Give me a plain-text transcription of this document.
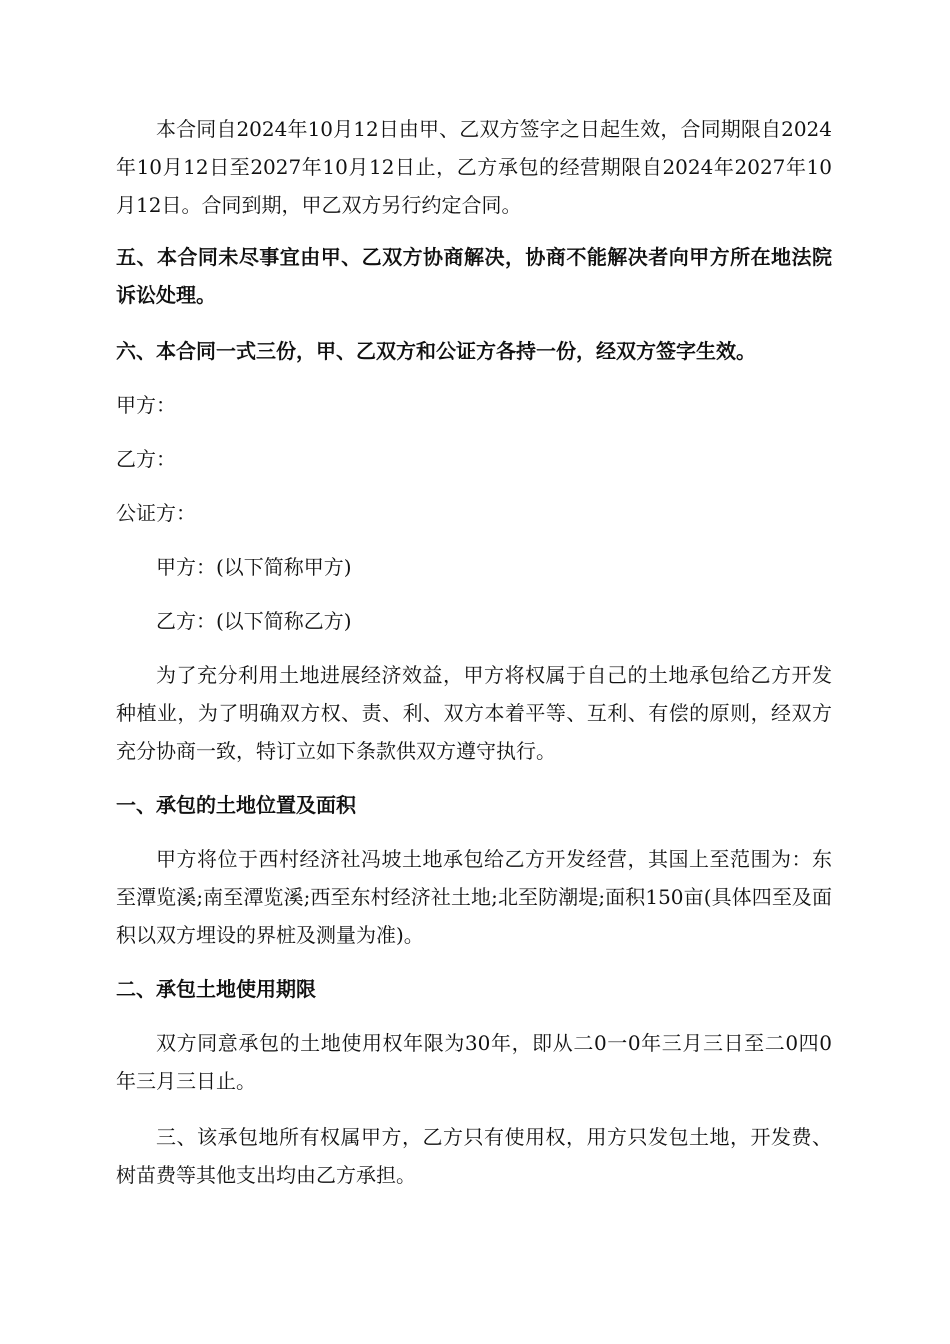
本合同自2024年10月12日由甲、乙双方签字之日起生效，合同期限自2024年10月12日至2027年10月12日止，乙方承包的经营期限自2024年2027年10月12日。合同到期，甲乙双方另行约定合同。

五、本合同未尽事宜由甲、乙双方协商解决，协商不能解决者向甲方所在地法院诉讼处理。

六、本合同一式三份，甲、乙双方和公证方各持一份，经双方签字生效。

甲方：

乙方：

公证方：

甲方：(以下简称甲方)

乙方：(以下简称乙方)

为了充分利用土地进展经济效益，甲方将权属于自己的土地承包给乙方开发种植业，为了明确双方权、责、利、双方本着平等、互利、有偿的原则，经双方充分协商一致，特订立如下条款供双方遵守执行。

一、承包的土地位置及面积

甲方将位于西村经济社冯坡土地承包给乙方开发经营，其国上至范围为：东至潭览溪;南至潭览溪;西至东村经济社土地;北至防潮堤;面积150亩(具体四至及面积以双方埋设的界桩及测量为准)。

二、承包土地使用期限

双方同意承包的土地使用权年限为30年，即从二0一0年三月三日至二0四0年三月三日止。

三、该承包地所有权属甲方，乙方只有使用权，用方只发包土地，开发费、树苗费等其他支出均由乙方承担。
